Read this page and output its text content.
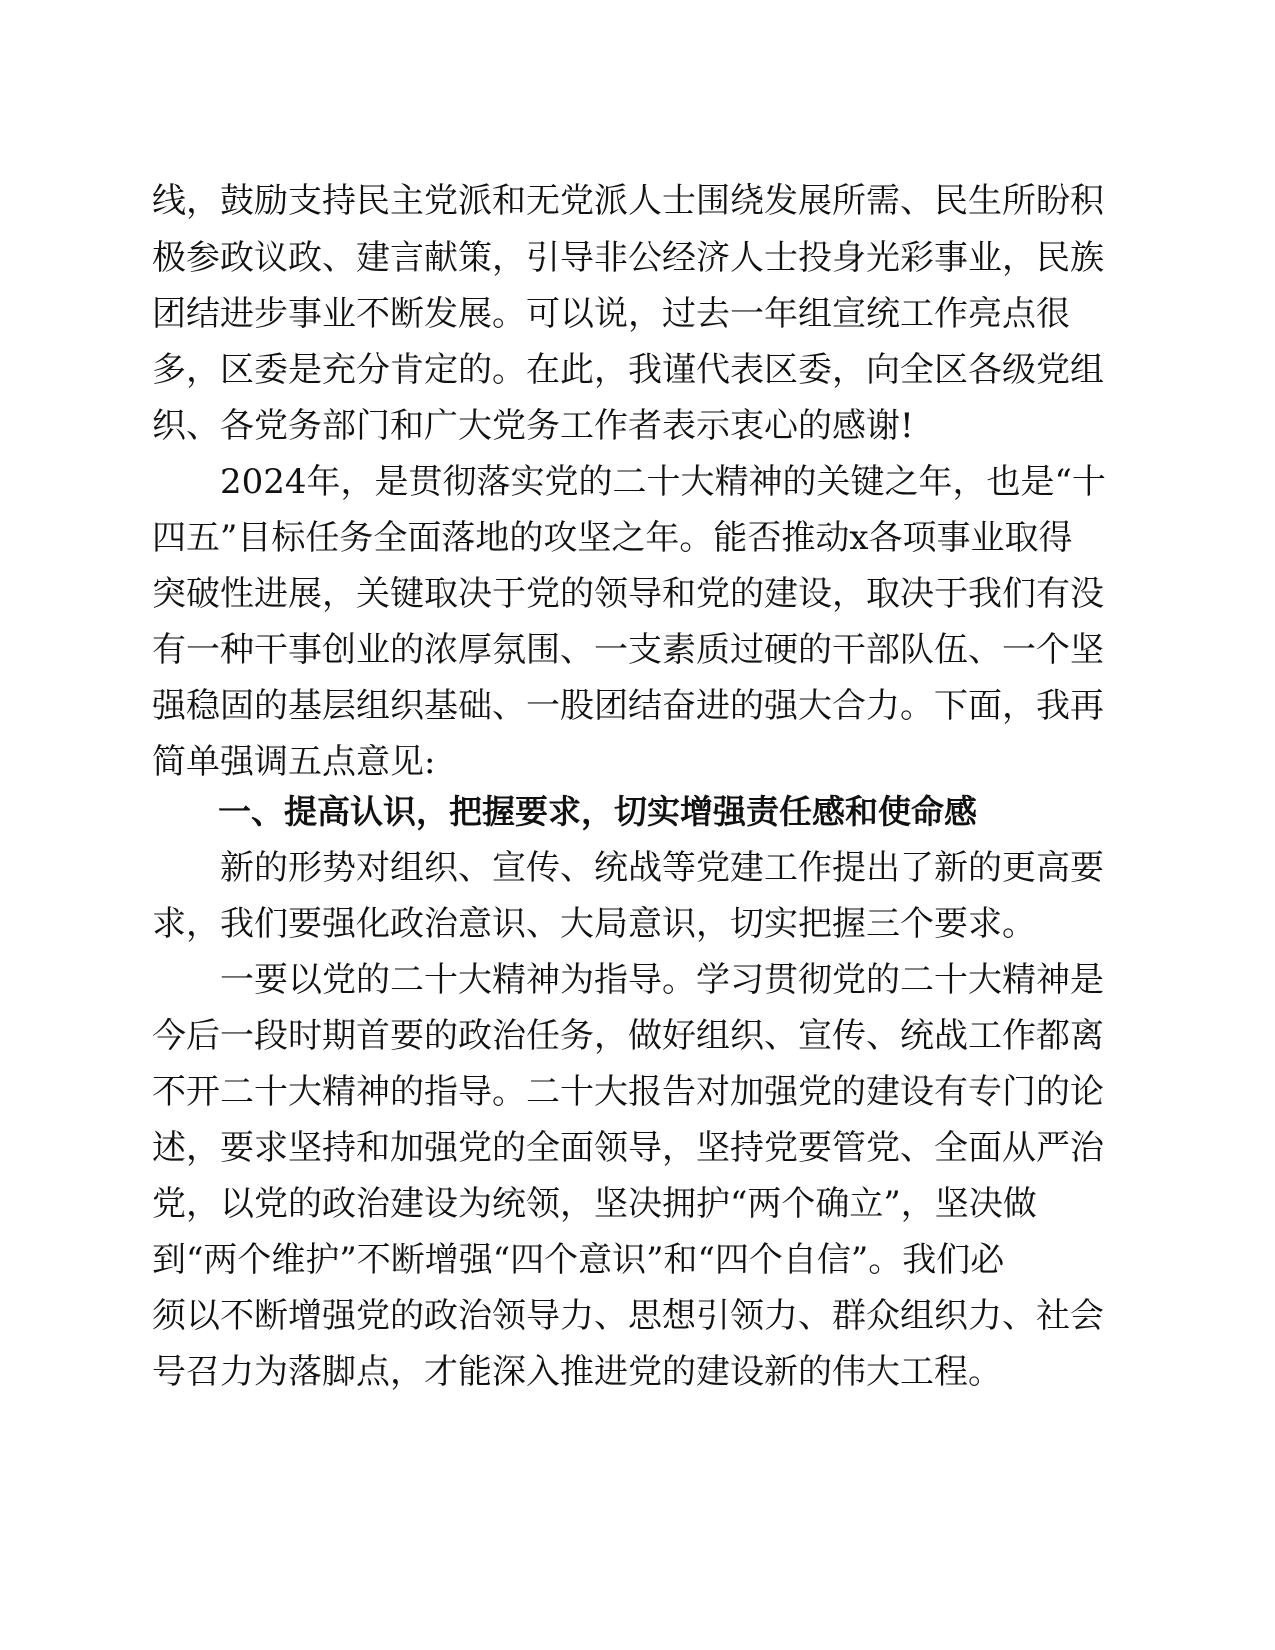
线，鼓励支持民主党派和无党派人士围绕发展所需、民生所盼积
极参政议政、建言献策，引导非公经济人士投身光彩事业，民族
团结进步事业不断发展。可以说，过去一年组宣统工作亮点很
多，区委是充分肯定的。在此，我谨代表区委，向全区各级党组
织、各党务部门和广大党务工作者表示衷心的感谢!
　　2024年，是贯彻落实党的二十大精神的关键之年，也是“十
四五”目标任务全面落地的攻坚之年。能否推动x各项事业取得
突破性进展，关键取决于党的领导和党的建设，取决于我们有没
有一种干事创业的浓厚氛围、一支素质过硬的干部队伍、一个坚
强稳固的基层组织基础、一股团结奋进的强大合力。下面，我再
简单强调五点意见:
　　一、提高认识，把握要求，切实增强责任感和使命感
　　新的形势对组织、宣传、统战等党建工作提出了新的更高要
求，我们要强化政治意识、大局意识，切实把握三个要求。
　　一要以党的二十大精神为指导。学习贯彻党的二十大精神是
今后一段时期首要的政治任务，做好组织、宣传、统战工作都离
不开二十大精神的指导。二十大报告对加强党的建设有专门的论
述，要求坚持和加强党的全面领导，坚持党要管党、全面从严治
党，以党的政治建设为统领，坚决拥护“两个确立”，坚决做
到“两个维护”不断增强“四个意识”和“四个自信”。我们必
须以不断增强党的政治领导力、思想引领力、群众组织力、社会
号召力为落脚点，才能深入推进党的建设新的伟大工程。
